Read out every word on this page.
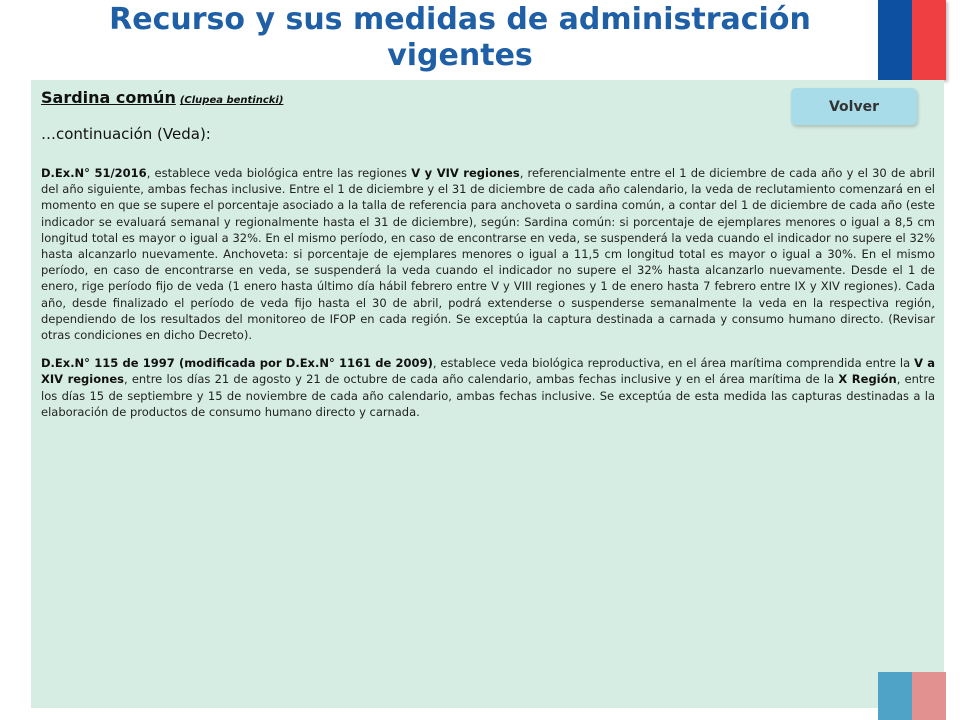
Recurso y sus medidas de administración vigentes
Sardina común (Clupea bentincki)
…continuación (Veda):
Volver

D.Ex.N° 51/2016, establece veda biológica entre las regiones V y VIV regiones, referencialmente entre el 1 de diciembre de cada año y el 30 de abril del año siguiente, ambas fechas inclusive. Entre el 1 de diciembre y el 31 de diciembre de cada año calendario, la veda de reclutamiento comenzará en el momento en que se supere el porcentaje asociado a la talla de referencia para anchoveta o sardina común, a contar del 1 de diciembre de cada año (este indicador se evaluará semanal y regionalmente hasta el 31 de diciembre), según: Sardina común: si porcentaje de ejemplares menores o igual a 8,5 cm longitud total es mayor o igual a 32%. En el mismo período, en caso de encontrarse en veda, se suspenderá la veda cuando el indicador no supere el 32% hasta alcanzarlo nuevamente. Anchoveta: si porcentaje de ejemplares menores o igual a 11,5 cm longitud total es mayor o igual a 30%. En el mismo período, en caso de encontrarse en veda, se suspenderá la veda cuando el indicador no supere el 32% hasta alcanzarlo nuevamente. Desde el 1 de enero, rige período fijo de veda (1 enero hasta último día hábil febrero entre V y VIII regiones y 1 de enero hasta 7 febrero entre IX y XIV regiones). Cada año, desde finalizado el período de veda fijo hasta el 30 de abril, podrá extenderse o suspenderse semanalmente la veda en la respectiva región, dependiendo de los resultados del monitoreo de IFOP en cada región. Se exceptúa la captura destinada a carnada y consumo humano directo. (Revisar otras condiciones en dicho Decreto).

D.Ex.N° 115 de 1997 (modificada por D.Ex.N° 1161 de 2009), establece veda biológica reproductiva, en el área marítima comprendida entre la V a XIV regiones, entre los días 21 de agosto y 21 de octubre de cada año calendario, ambas fechas inclusive y en el área marítima de la X Región, entre los días 15 de septiembre y 15 de noviembre de cada año calendario, ambas fechas inclusive. Se exceptúa de esta medida las capturas destinadas a la elaboración de productos de consumo humano directo y carnada.
